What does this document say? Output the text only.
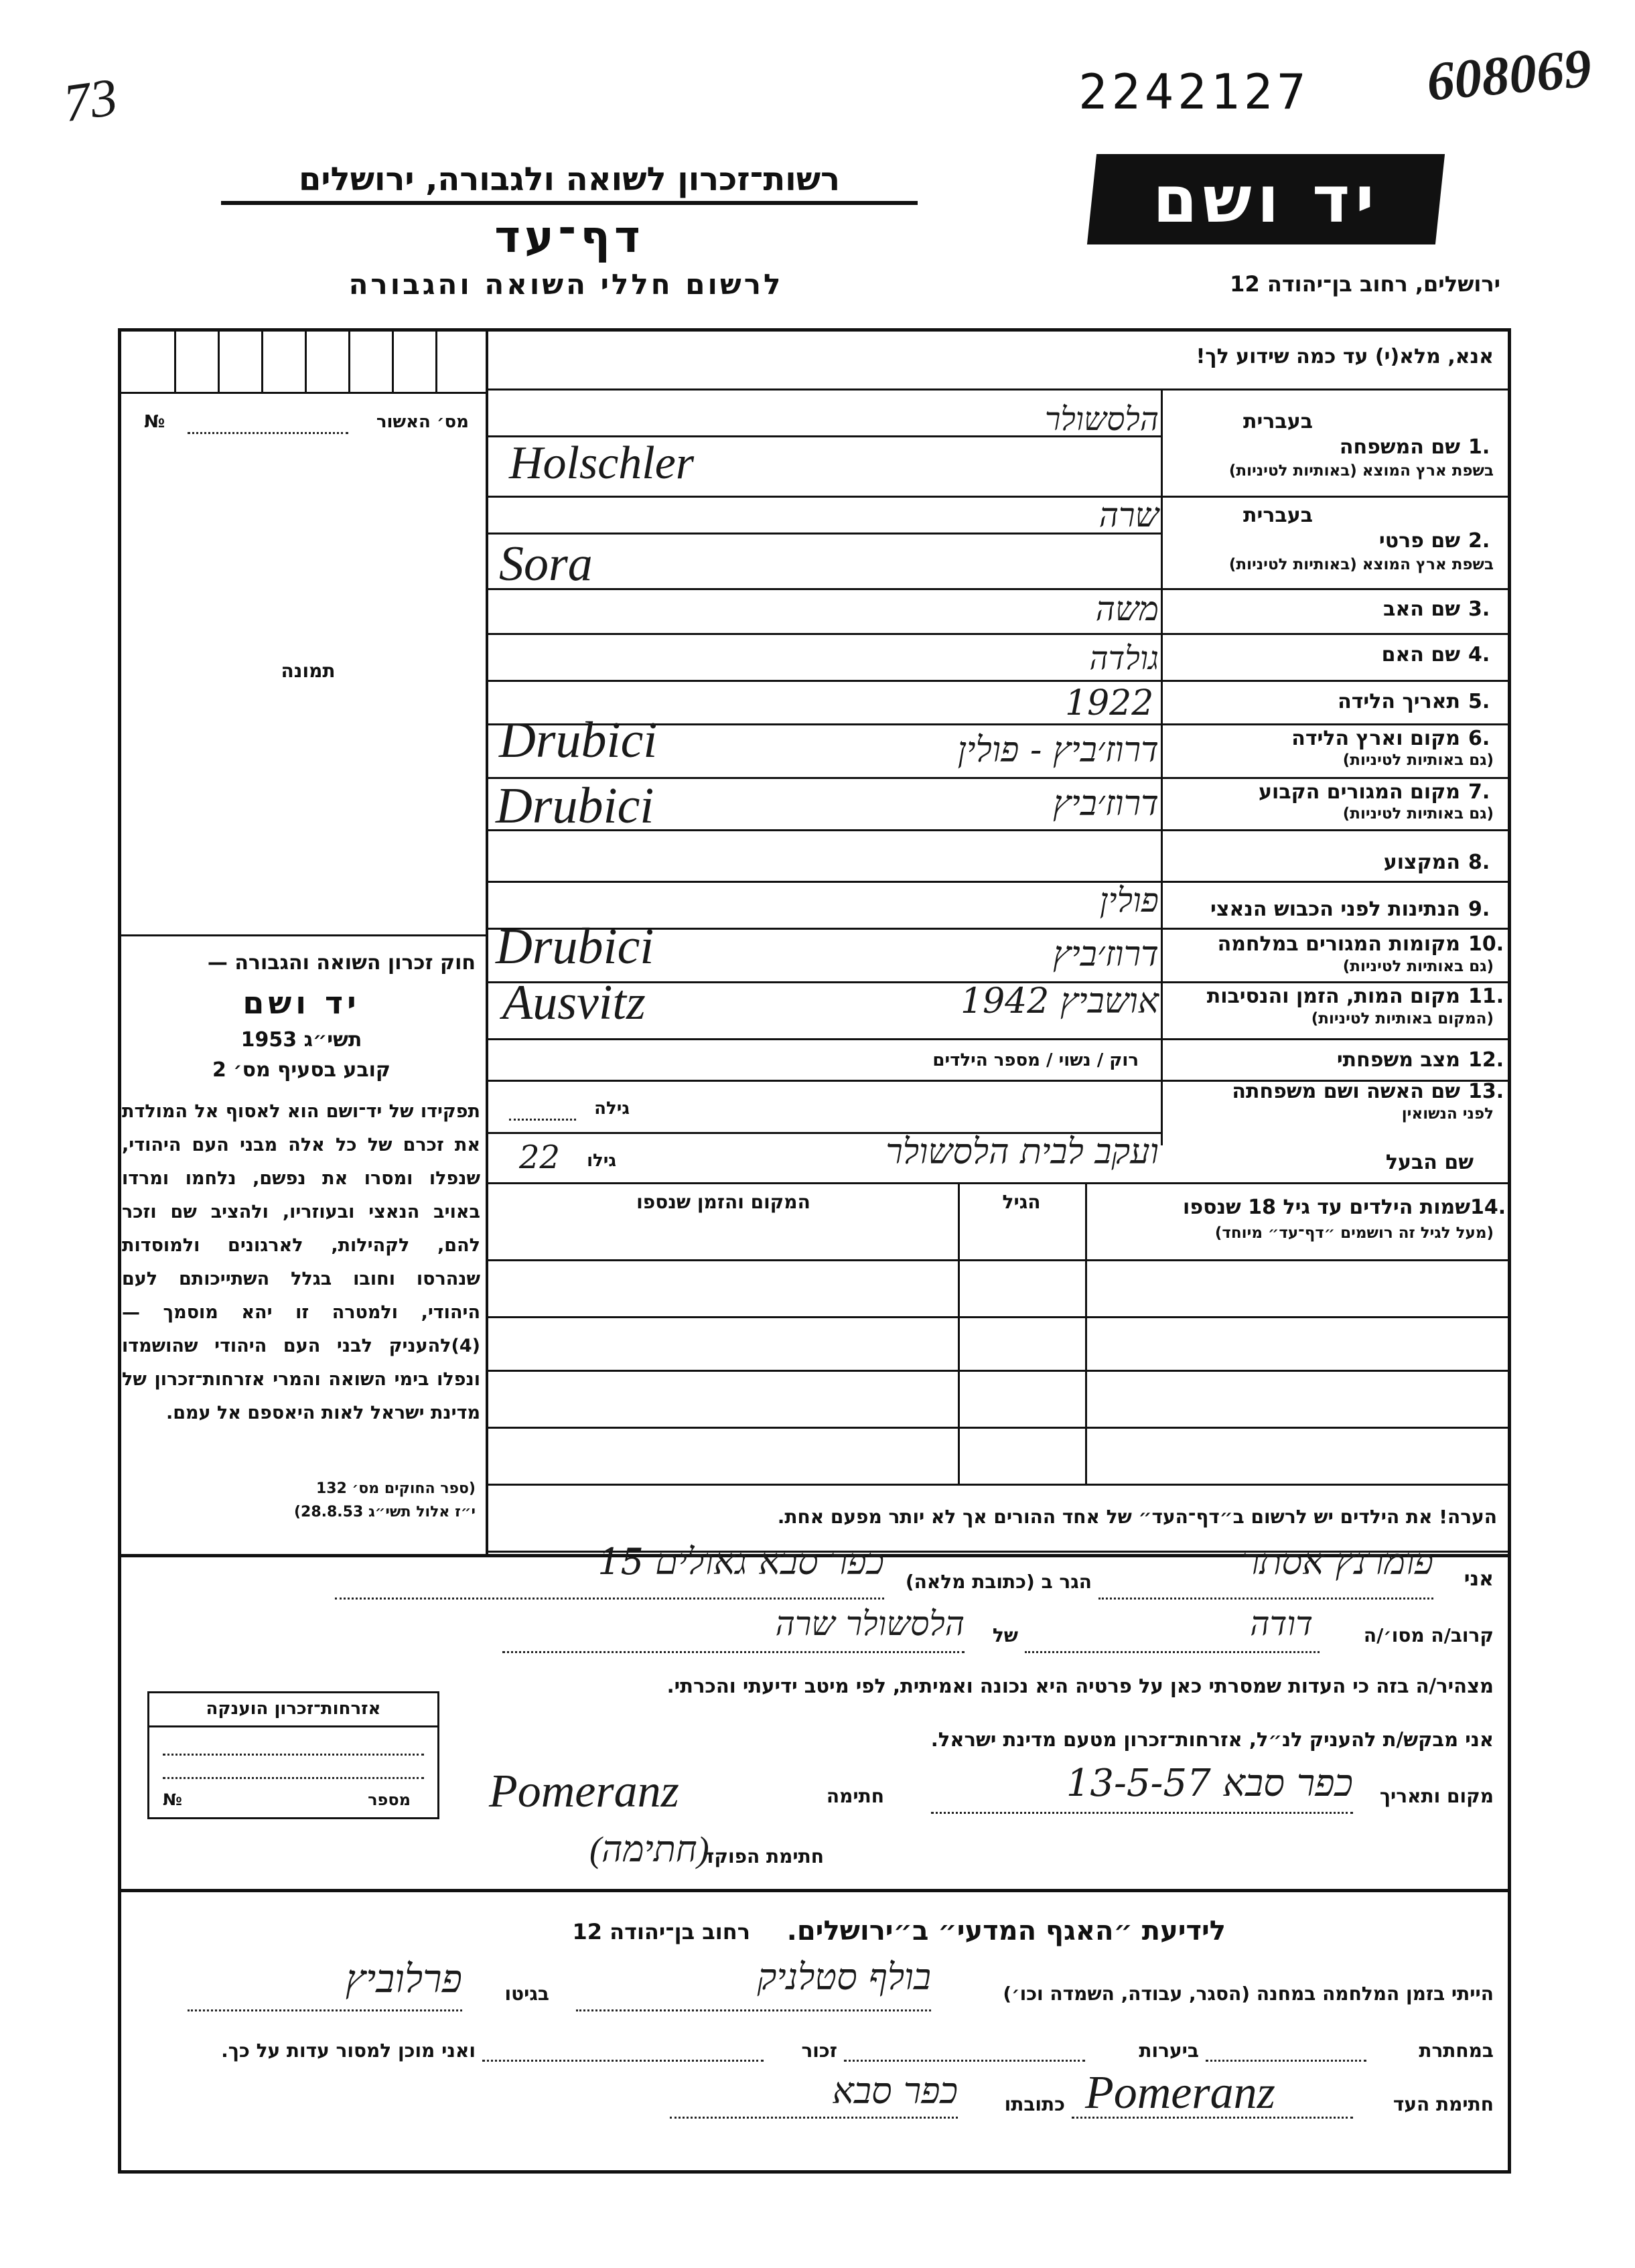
73	2242127 608069
רשות־זכרון לשואה ולגבורה, ירושלים
דף־עד
לרשום חללי השואה והגבורה
יד ושם
ירושלים, רחוב בן־יהודה 12
מס׳ האשור
№
תמונה
חוק זכרון השואה והגבורה —
יד ושם
תשי״ג 1953
קובע בסעיף מס׳ 2
תפקידו של יד־ושם הוא לאסוף אל המולדת את זכרם של כל אלה מבני העם היהודי, שנפלו ומסרו את נפשם, נלחמו ומרדו באויב הנאצי ובעוזריו, ולהציב שם וזכר להם, לקהילות, לארגונים ולמוסדות שנהרסו וחובו בגלל השתייכותם לעם היהודי, ולמטרה זו יהא מוסמך — (4)להעניק לבני העם היהודי שהושמדו ונפלו בימי השואה והמרי אזרחות־זכרון של מדינת ישראל לאות היאספם אל עמם.
(ספר החוקים מס׳ 132
י״ז אלול תשי״ג 28.8.53)
אנא, מלא(י) עד כמה שידוע לך!
בעברית
1.
שם המשפחה
בשפת ארץ המוצא (באותיות לטיניות)
הלסשולר
Holschler
בעברית
2.
שם פרטי
בשפת ארץ המוצא (באותיות לטיניות)
שרה
Sora
3.
שם האב
משה
4.
שם האם
גולדה
5.
תאריך הלידה
1922
6.
מקום וארץ הלידה
(גם באותיות לטיניות)
דרוז׳ביץ - פולין
Drubici
7.
מקום המגורים הקבוע
(גם באותיות לטיניות)
דרוז׳ביץ
Drubici
8.
המקצוע
9.
הנתינות לפני הכבוש הנאצי
פולין
10.
מקומות המגורים במלחמה
(גם באותיות לטיניות)
דרוז׳ביץ
Drubici
11.
מקום המות, הזמן והנסיבות
(המקום באותיות לטיניות)
אושביץ 1942
Ausvitz
12.
מצב משפחתי
רוק / נשוי / מספר הילדים
13.
שם האשה ושם משפחתה
לפני הנשואין
גילה
שם הבעל
ועקב לבית הלסשולר
גילו
22
14.
שמות הילדים עד גיל 18 שנספו
(מעל לגיל זה רושמים ״דף־עד״ מיוחד)
הגיל
המקום והזמן שנספו
הערה! את הילדים יש לרשום ב״דף־העד״ של אחד ההורים אך לא יותר מפעם אחת.
אני
פומרנץ אסתר
הגר ב (כתובת מלאה)
כפר סבא גאולים 15
קרוב/ה מסו׳/ה
דודה
של
הלסשולר שרה
מצהיר/ה בזה כי העדות שמסרתי כאן על פרטיה היא נכונה ואמיתית, לפי מיטב ידיעתי והכרתי.
אני מבקש/ת להעניק לנ״ל, אזרחות־זכרון מטעם מדינת ישראל.
מקום ותאריך
כפר סבא 13-5-57
חתימה
Pomeranz
חתימת הפוקד
(חתימה)
אזרחות־זכרון הוענקה
מספר
№
לידיעת ״האגף המדעי״ ב״ירושלים.
רחוב בן־יהודה 12
הייתי בזמן המלחמה במחנה (הסגר, עבודה, השמדה וכו׳)
בולף סטלניק
בגיטו
פרלוביץ
במחתרת
ביערות
זכור
ואני מוכן למסור עדות על כך.
חתימת העד
Pomeranz
כתובתו
כפר סבא
